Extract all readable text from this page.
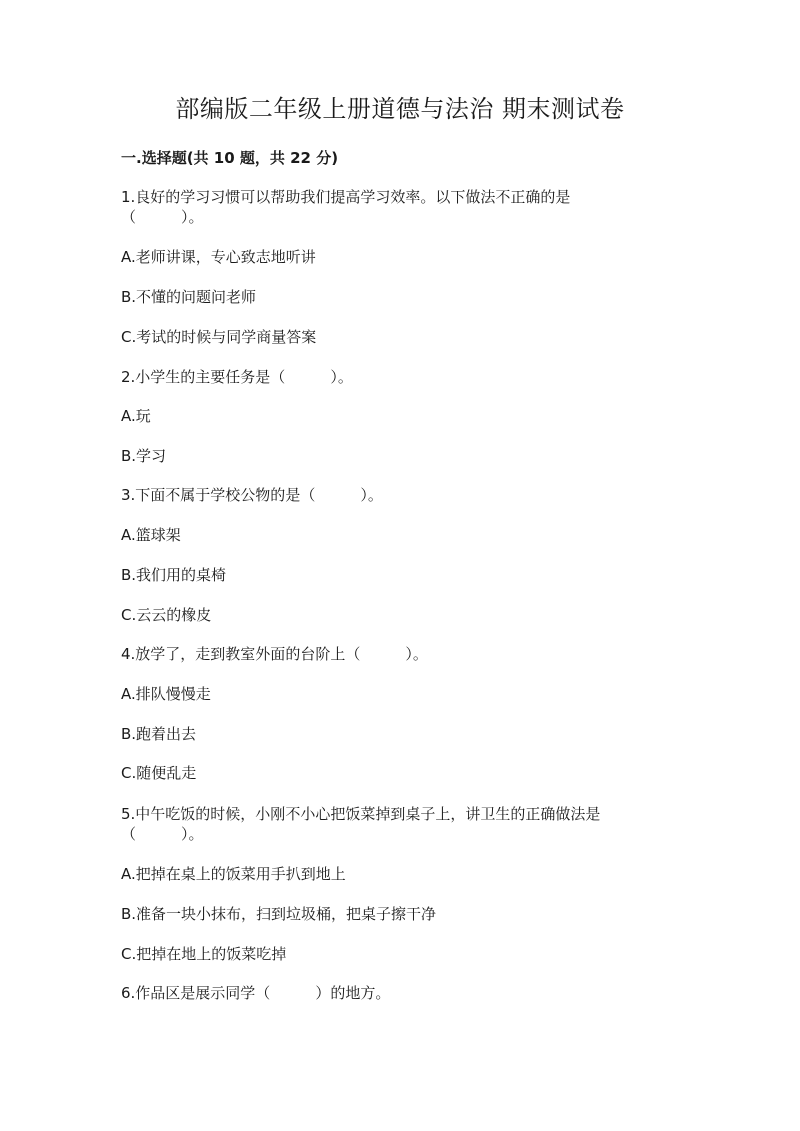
部编版二年级上册道德与法治 期末测试卷
一.选择题(共 10 题，共 22 分)
1.良好的学习习惯可以帮助我们提高学习效率。以下做法不正确的是
（　　　）。
A.老师讲课，专心致志地听讲
B.不懂的问题问老师
C.考试的时候与同学商量答案
2.小学生的主要任务是（　　　）。
A.玩
B.学习
3.下面不属于学校公物的是（　　　）。
A.篮球架
B.我们用的桌椅
C.云云的橡皮
4.放学了，走到教室外面的台阶上（　　　）。
A.排队慢慢走
B.跑着出去
C.随便乱走
5.中午吃饭的时候，小刚不小心把饭菜掉到桌子上，讲卫生的正确做法是
（　　　）。
A.把掉在桌上的饭菜用手扒到地上
B.准备一块小抹布，扫到垃圾桶，把桌子擦干净
C.把掉在地上的饭菜吃掉
6.作品区是展示同学（　　　）的地方。
